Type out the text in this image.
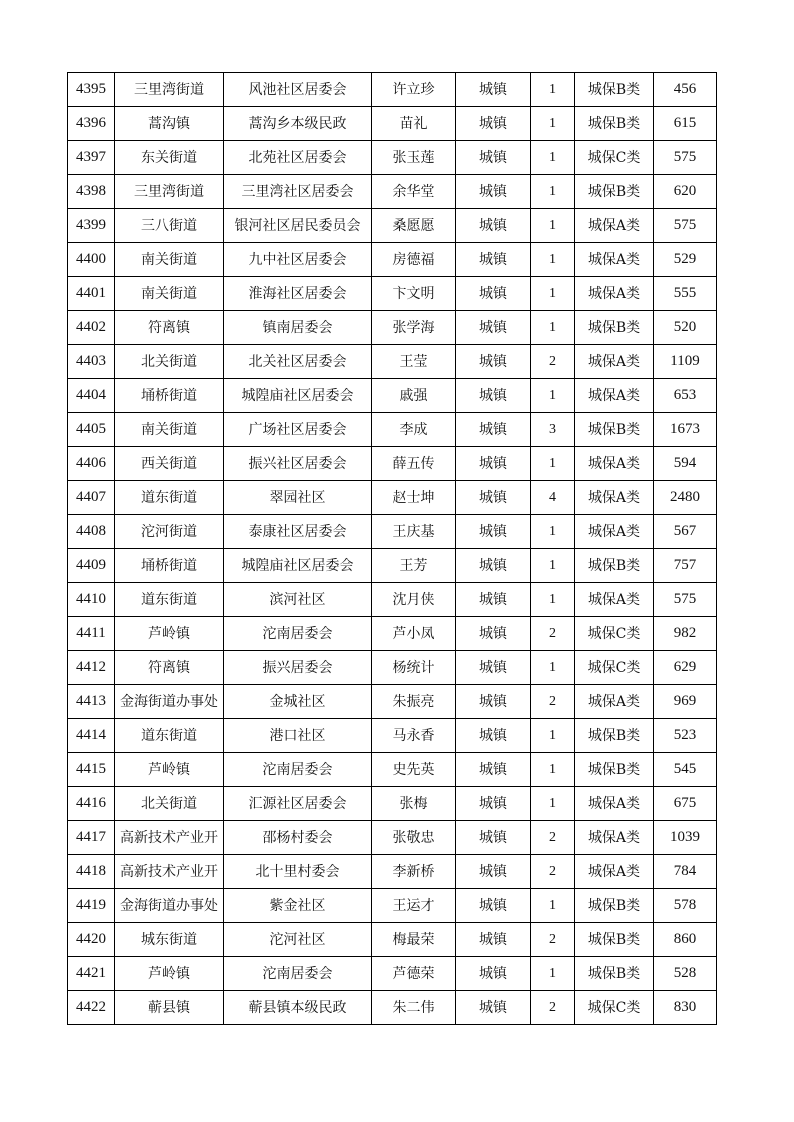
4395	三里湾街道	风池社区居委会	许立珍	城镇	1	城保B类	456
4396	蒿沟镇	蒿沟乡本级民政	苗礼	城镇	1	城保B类	615
4397	东关街道	北苑社区居委会	张玉莲	城镇	1	城保C类	575
4398	三里湾街道	三里湾社区居委会	余华堂	城镇	1	城保B类	620
4399	三八街道	银河社区居民委员会	桑愿愿	城镇	1	城保A类	575
4400	南关街道	九中社区居委会	房德福	城镇	1	城保A类	529
4401	南关街道	淮海社区居委会	卞文明	城镇	1	城保A类	555
4402	符离镇	镇南居委会	张学海	城镇	1	城保B类	520
4403	北关街道	北关社区居委会	王莹	城镇	2	城保A类	1109
4404	埇桥街道	城隍庙社区居委会	戚强	城镇	1	城保A类	653
4405	南关街道	广场社区居委会	李成	城镇	3	城保B类	1673
4406	西关街道	振兴社区居委会	薛五传	城镇	1	城保A类	594
4407	道东街道	翠园社区	赵士坤	城镇	4	城保A类	2480
4408	沱河街道	泰康社区居委会	王庆基	城镇	1	城保A类	567
4409	埇桥街道	城隍庙社区居委会	王芳	城镇	1	城保B类	757
4410	道东街道	滨河社区	沈月侠	城镇	1	城保A类	575
4411	芦岭镇	沱南居委会	芦小凤	城镇	2	城保C类	982
4412	符离镇	振兴居委会	杨统计	城镇	1	城保C类	629
4413	金海街道办事处	金城社区	朱振亮	城镇	2	城保A类	969
4414	道东街道	港口社区	马永香	城镇	1	城保B类	523
4415	芦岭镇	沱南居委会	史先英	城镇	1	城保B类	545
4416	北关街道	汇源社区居委会	张梅	城镇	1	城保A类	675
4417	高新技术产业开	邵杨村委会	张敬忠	城镇	2	城保A类	1039
4418	高新技术产业开	北十里村委会	李新桥	城镇	2	城保A类	784
4419	金海街道办事处	紫金社区	王运才	城镇	1	城保B类	578
4420	城东街道	沱河社区	梅最荣	城镇	2	城保B类	860
4421	芦岭镇	沱南居委会	芦德荣	城镇	1	城保B类	528
4422	蕲县镇	蕲县镇本级民政	朱二伟	城镇	2	城保C类	830
